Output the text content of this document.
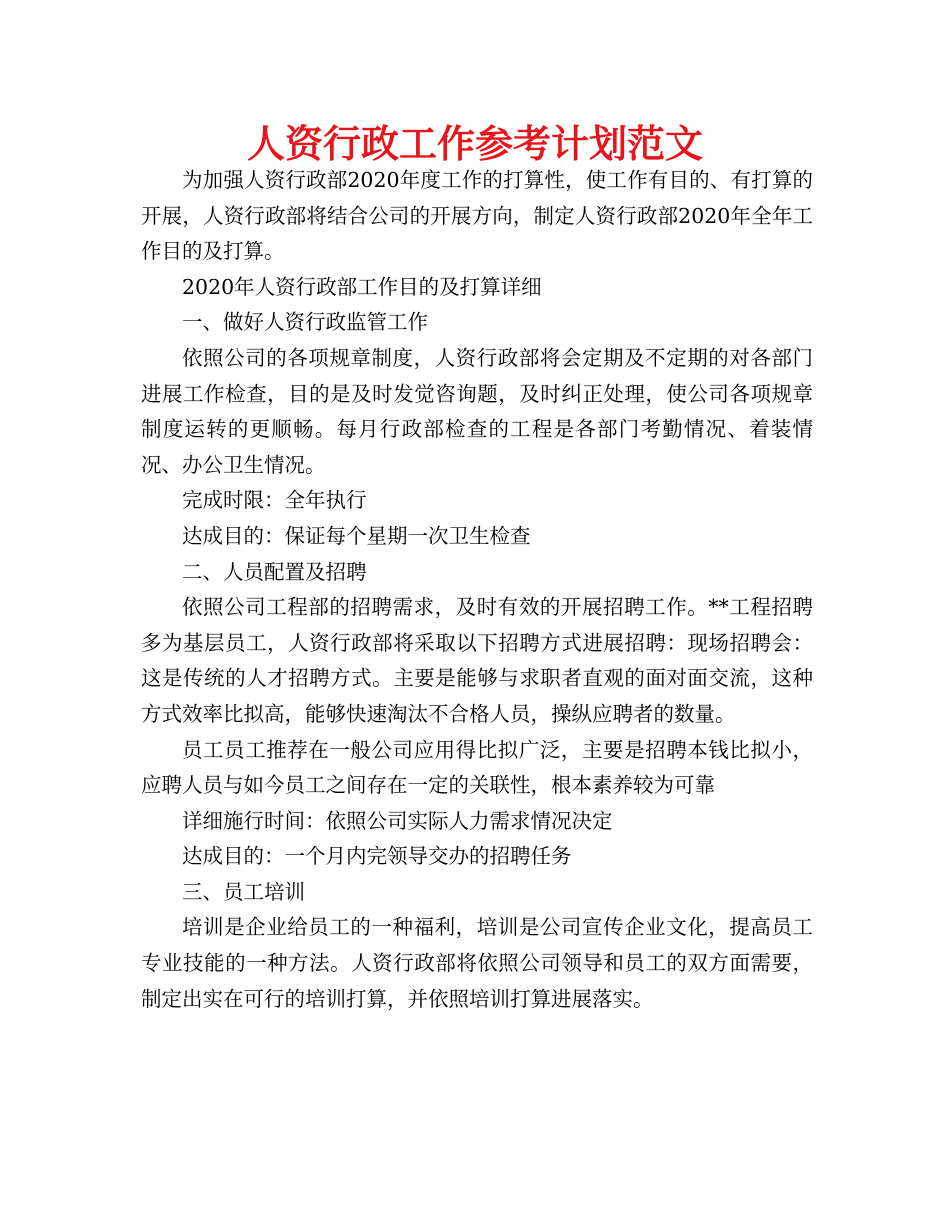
人资行政工作参考计划范文

为加强人资行政部2020年度工作的打算性，使工作有目的、有打算的开展，人资行政部将结合公司的开展方向，制定人资行政部2020年全年工作目的及打算。

2020年人资行政部工作目的及打算详细

一、做好人资行政监管工作

依照公司的各项规章制度，人资行政部将会定期及不定期的对各部门进展工作检查，目的是及时发觉咨询题，及时纠正处理，使公司各项规章制度运转的更顺畅。每月行政部检查的工程是各部门考勤情况、着装情况、办公卫生情况。

完成时限：全年执行

达成目的：保证每个星期一次卫生检查

二、人员配置及招聘

依照公司工程部的招聘需求，及时有效的开展招聘工作。**工程招聘多为基层员工，人资行政部将采取以下招聘方式进展招聘：现场招聘会：这是传统的人才招聘方式。主要是能够与求职者直观的面对面交流，这种方式效率比拟高，能够快速淘汰不合格人员，操纵应聘者的数量。

员工员工推荐在一般公司应用得比拟广泛，主要是招聘本钱比拟小，应聘人员与如今员工之间存在一定的关联性，根本素养较为可靠

详细施行时间：依照公司实际人力需求情况决定

达成目的：一个月内完领导交办的招聘任务

三、员工培训

培训是企业给员工的一种福利，培训是公司宣传企业文化，提高员工专业技能的一种方法。人资行政部将依照公司领导和员工的双方面需要，制定出实在可行的培训打算，并依照培训打算进展落实。
